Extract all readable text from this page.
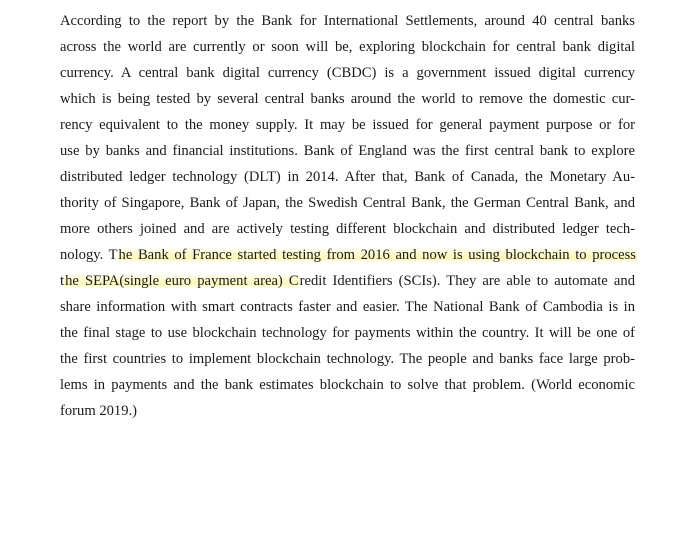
According to the report by the Bank for International Settlements, around 40 central banks
across the world are currently or soon will be, exploring blockchain for central bank digital
currency. A central bank digital currency (CBDC) is a government issued digital currency
which is being tested by several central banks around the world to remove the domestic cur-
rency equivalent to the money supply. It may be issued for general payment purpose or for
use by banks and financial institutions. Bank of England was the first central bank to explore
distributed ledger technology (DLT) in 2014. After that, Bank of Canada, the Monetary Au-
thority of Singapore, Bank of Japan, the Swedish Central Bank, the German Central Bank, and
more others joined and are actively testing different blockchain and distributed ledger tech-
nology. The Bank of France started testing from 2016 and now is using blockchain to process
the SEPA(single euro payment area) Credit Identifiers (SCIs). They are able to automate and
share information with smart contracts faster and easier. The National Bank of Cambodia is in
the final stage to use blockchain technology for payments within the country. It will be one of
the first countries to implement blockchain technology. The people and banks face large prob-
lems in payments and the bank estimates blockchain to solve that problem. (World economic
forum 2019.)
